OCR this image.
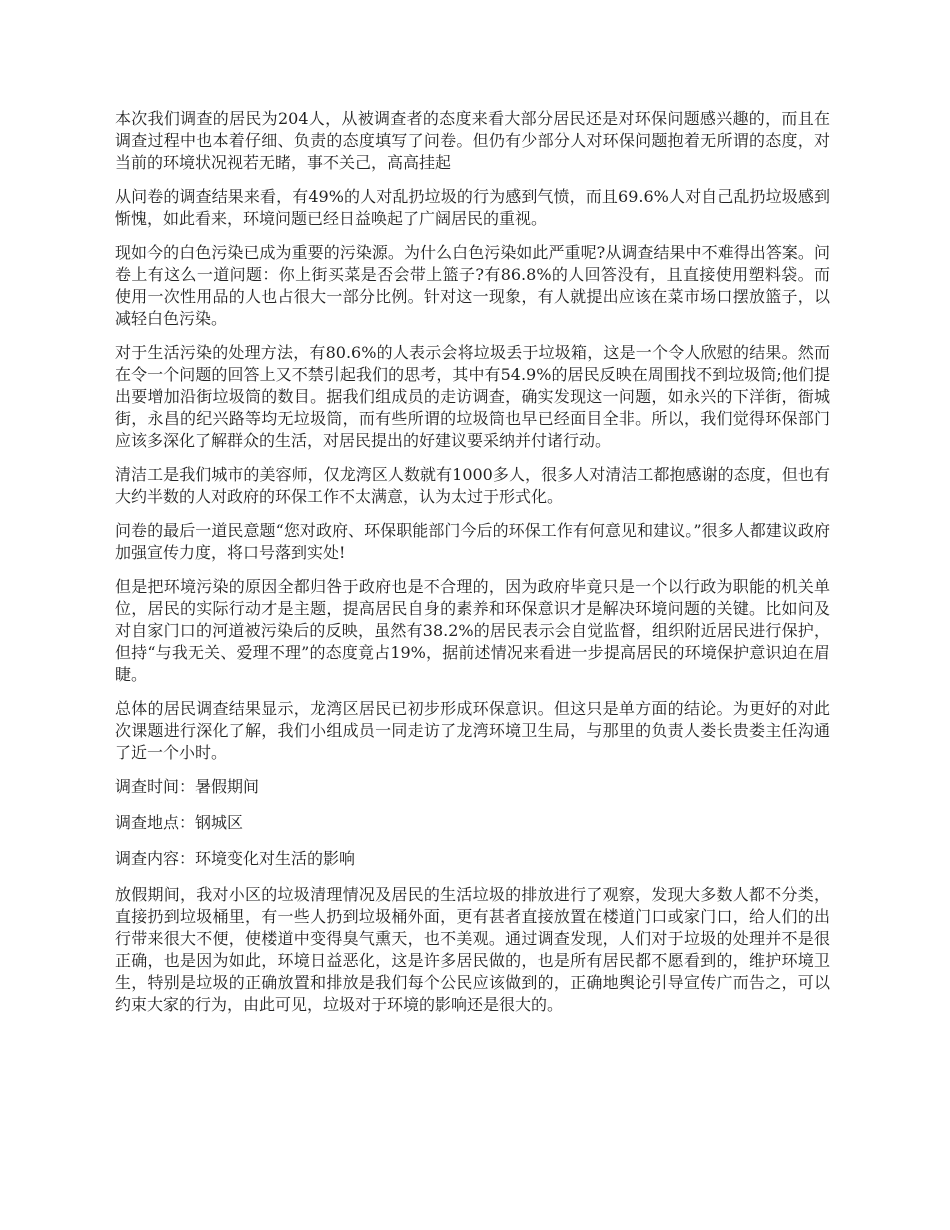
本次我们调查的居民为204人，从被调查者的态度来看大部分居民还是对环保问题感兴趣的，而且在调查过程中也本着仔细、负责的态度填写了问卷。但仍有少部分人对环保问题抱着无所谓的态度，对当前的环境状况视若无睹，事不关己，高高挂起

从问卷的调查结果来看，有49%的人对乱扔垃圾的行为感到气愤，而且69.6%人对自己乱扔垃圾感到惭愧，如此看来，环境问题已经日益唤起了广阔居民的重视。

现如今的白色污染已成为重要的污染源。为什么白色污染如此严重呢?从调查结果中不难得出答案。问卷上有这么一道问题：你上街买菜是否会带上篮子?有86.8%的人回答没有，且直接使用塑料袋。而使用一次性用品的人也占很大一部分比例。针对这一现象，有人就提出应该在菜市场口摆放篮子，以减轻白色污染。

对于生活污染的处理方法，有80.6%的人表示会将垃圾丢于垃圾箱，这是一个令人欣慰的结果。然而在令一个问题的回答上又不禁引起我们的思考，其中有54.9%的居民反映在周围找不到垃圾筒;他们提出要增加沿街垃圾筒的数目。据我们组成员的走访调查，确实发现这一问题，如永兴的下洋街，衙城街，永昌的纪兴路等均无垃圾筒，而有些所谓的垃圾筒也早已经面目全非。所以，我们觉得环保部门应该多深化了解群众的生活，对居民提出的好建议要采纳并付诸行动。

清洁工是我们城市的美容师，仅龙湾区人数就有1000多人，很多人对清洁工都抱感谢的态度，但也有大约半数的人对政府的环保工作不太满意，认为太过于形式化。

问卷的最后一道民意题“您对政府、环保职能部门今后的环保工作有何意见和建议。”很多人都建议政府加强宣传力度，将口号落到实处!

但是把环境污染的原因全都归咎于政府也是不合理的，因为政府毕竟只是一个以行政为职能的机关单位，居民的实际行动才是主题，提高居民自身的素养和环保意识才是解决环境问题的关键。比如问及对自家门口的河道被污染后的反映，虽然有38.2%的居民表示会自觉监督，组织附近居民进行保护，但持“与我无关、爱理不理”的态度竟占19%，据前述情况来看进一步提高居民的环境保护意识迫在眉睫。

总体的居民调查结果显示，龙湾区居民已初步形成环保意识。但这只是单方面的结论。为更好的对此次课题进行深化了解，我们小组成员一同走访了龙湾环境卫生局，与那里的负责人娄长贵娄主任沟通了近一个小时。

调查时间：暑假期间

调查地点：钢城区

调查内容：环境变化对生活的影响

放假期间，我对小区的垃圾清理情况及居民的生活垃圾的排放进行了观察，发现大多数人都不分类，直接扔到垃圾桶里，有一些人扔到垃圾桶外面，更有甚者直接放置在楼道门口或家门口，给人们的出行带来很大不便，使楼道中变得臭气熏天，也不美观。通过调查发现，人们对于垃圾的处理并不是很正确，也是因为如此，环境日益恶化，这是许多居民做的，也是所有居民都不愿看到的，维护环境卫生，特别是垃圾的正确放置和排放是我们每个公民应该做到的，正确地舆论引导宣传广而告之，可以约束大家的行为，由此可见，垃圾对于环境的影响还是很大的。
